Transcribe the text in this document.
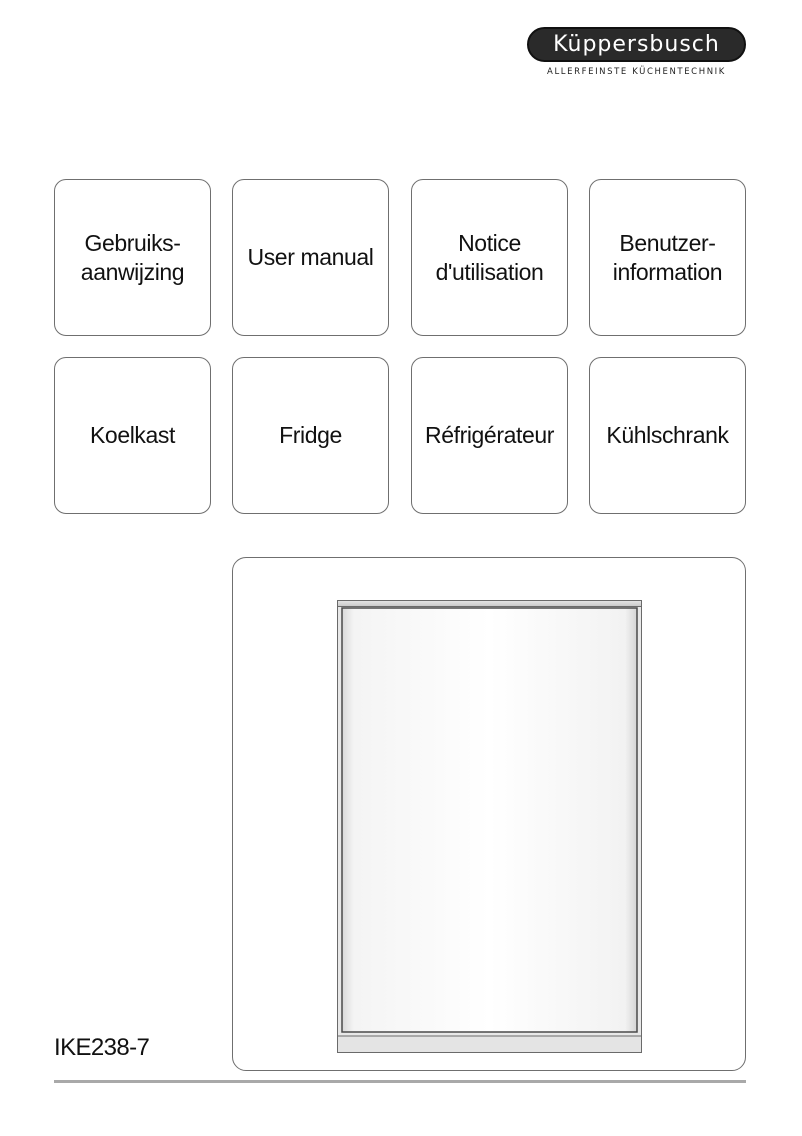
Küppersbusch
ALLERFEINSTE KÜCHENTECHNIK
Gebruiks-
aanwijzing
User manual
Notice
d'utilisation
Benutzer-
information
Koelkast	Fridge	Réfrigérateur Kühlschrank
IKE238-7
